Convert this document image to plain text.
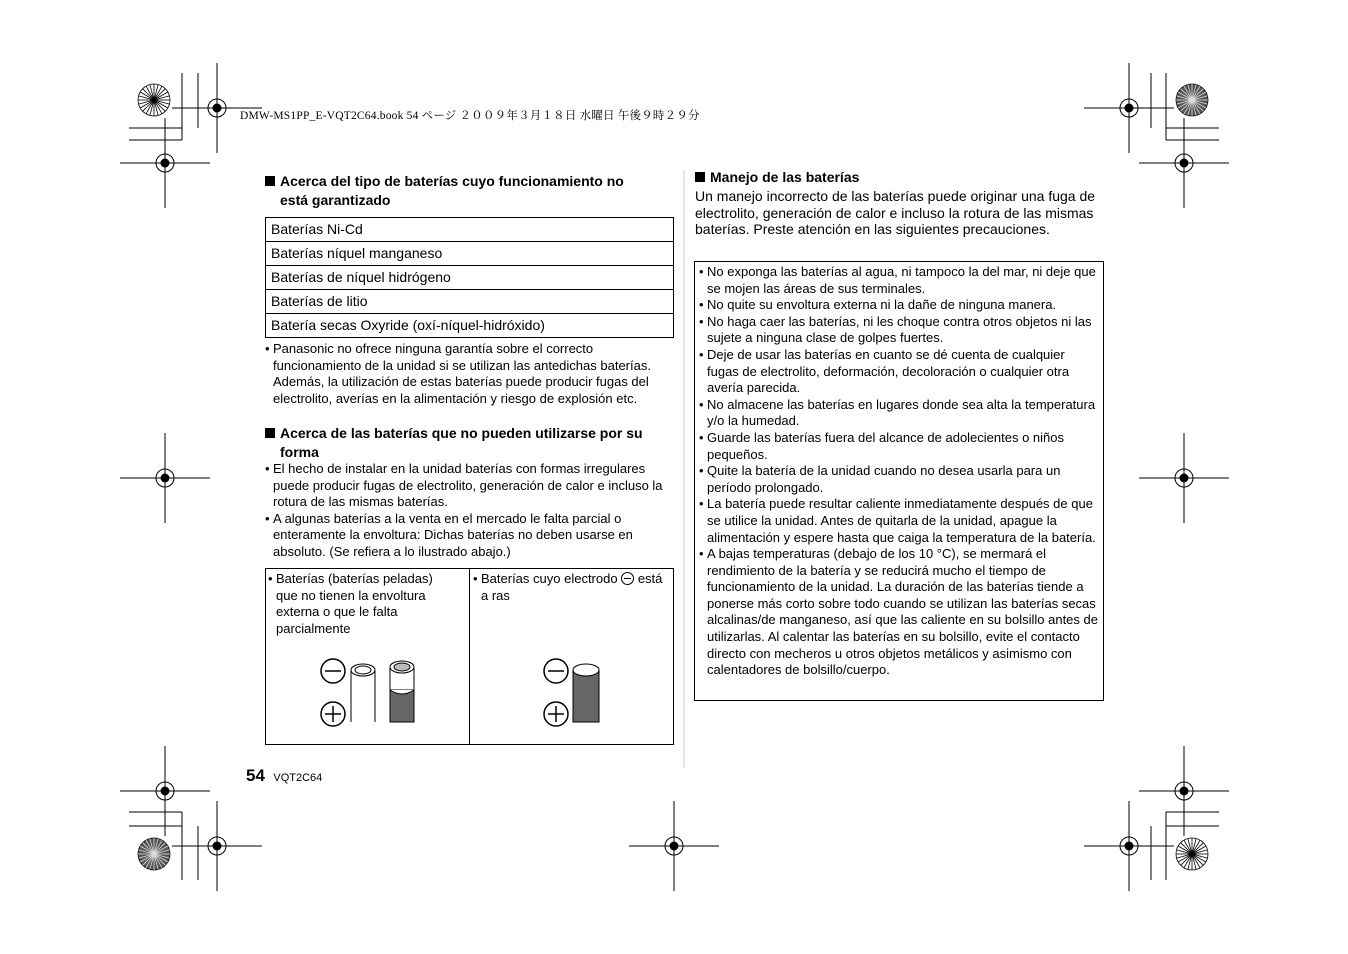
DMW-MS1PP_E-VQT2C64.book 54 ページ ２００９年３月１８日 水曜日 午後９時２９分
Acerca del tipo de baterías cuyo funcionamiento no
está garantizado
Baterías Ni-Cd
Baterías níquel manganeso
Baterías de níquel hidrógeno
Baterías de litio
Batería secas Oxyride (oxí-níquel-hidróxido)
• Panasonic no ofrece ninguna garantía sobre el correcto funcionamiento de la unidad si se utilizan las antedichas baterías. Además, la utilización de estas baterías puede producir fugas del electrolito, averías en la alimentación y riesgo de explosión etc.
Acerca de las baterías que no pueden utilizarse por su
forma
• El hecho de instalar en la unidad baterías con formas irregulares puede producir fugas de electrolito, generación de calor e incluso la rotura de las mismas baterías.
• A algunas baterías a la venta en el mercado le falta parcial o enteramente la envoltura: Dichas baterías no deben usarse en absoluto. (Se refiera a lo ilustrado abajo.)
• Baterías (baterías peladas) que no tienen la envoltura externa o que le falta parcialmente
• Baterías cuyo electrodo está a ras
54 VQT2C64
Manejo de las baterías
Un manejo incorrecto de las baterías puede originar una fuga de electrolito, generación de calor e incluso la rotura de las mismas baterías. Preste atención en las siguientes precauciones.
• No exponga las baterías al agua, ni tampoco la del mar, ni deje que se mojen las áreas de sus terminales.
• No quite su envoltura externa ni la dañe de ninguna manera.
• No haga caer las baterías, ni les choque contra otros objetos ni las sujete a ninguna clase de golpes fuertes.
• Deje de usar las baterías en cuanto se dé cuenta de cualquier fugas de electrolito, deformación, decoloración o cualquier otra avería parecida.
• No almacene las baterías en lugares donde sea alta la temperatura y/o la humedad.
• Guarde las baterías fuera del alcance de adolecientes o niños pequeños.
• Quite la batería de la unidad cuando no desea usarla para un período prolongado.
• La batería puede resultar caliente inmediatamente después de que se utilice la unidad. Antes de quitarla de la unidad, apague la alimentación y espere hasta que caiga la temperatura de la batería.
• A bajas temperaturas (debajo de los 10 °C), se mermará el rendimiento de la batería y se reducirá mucho el tiempo de funcionamiento de la unidad. La duración de las baterías tiende a ponerse más corto sobre todo cuando se utilizan las baterías secas alcalinas/de manganeso, así que las caliente en su bolsillo antes de utilizarlas. Al calentar las baterías en su bolsillo, evite el contacto directo con mecheros u otros objetos metálicos y asimismo con calentadores de bolsillo/cuerpo.
